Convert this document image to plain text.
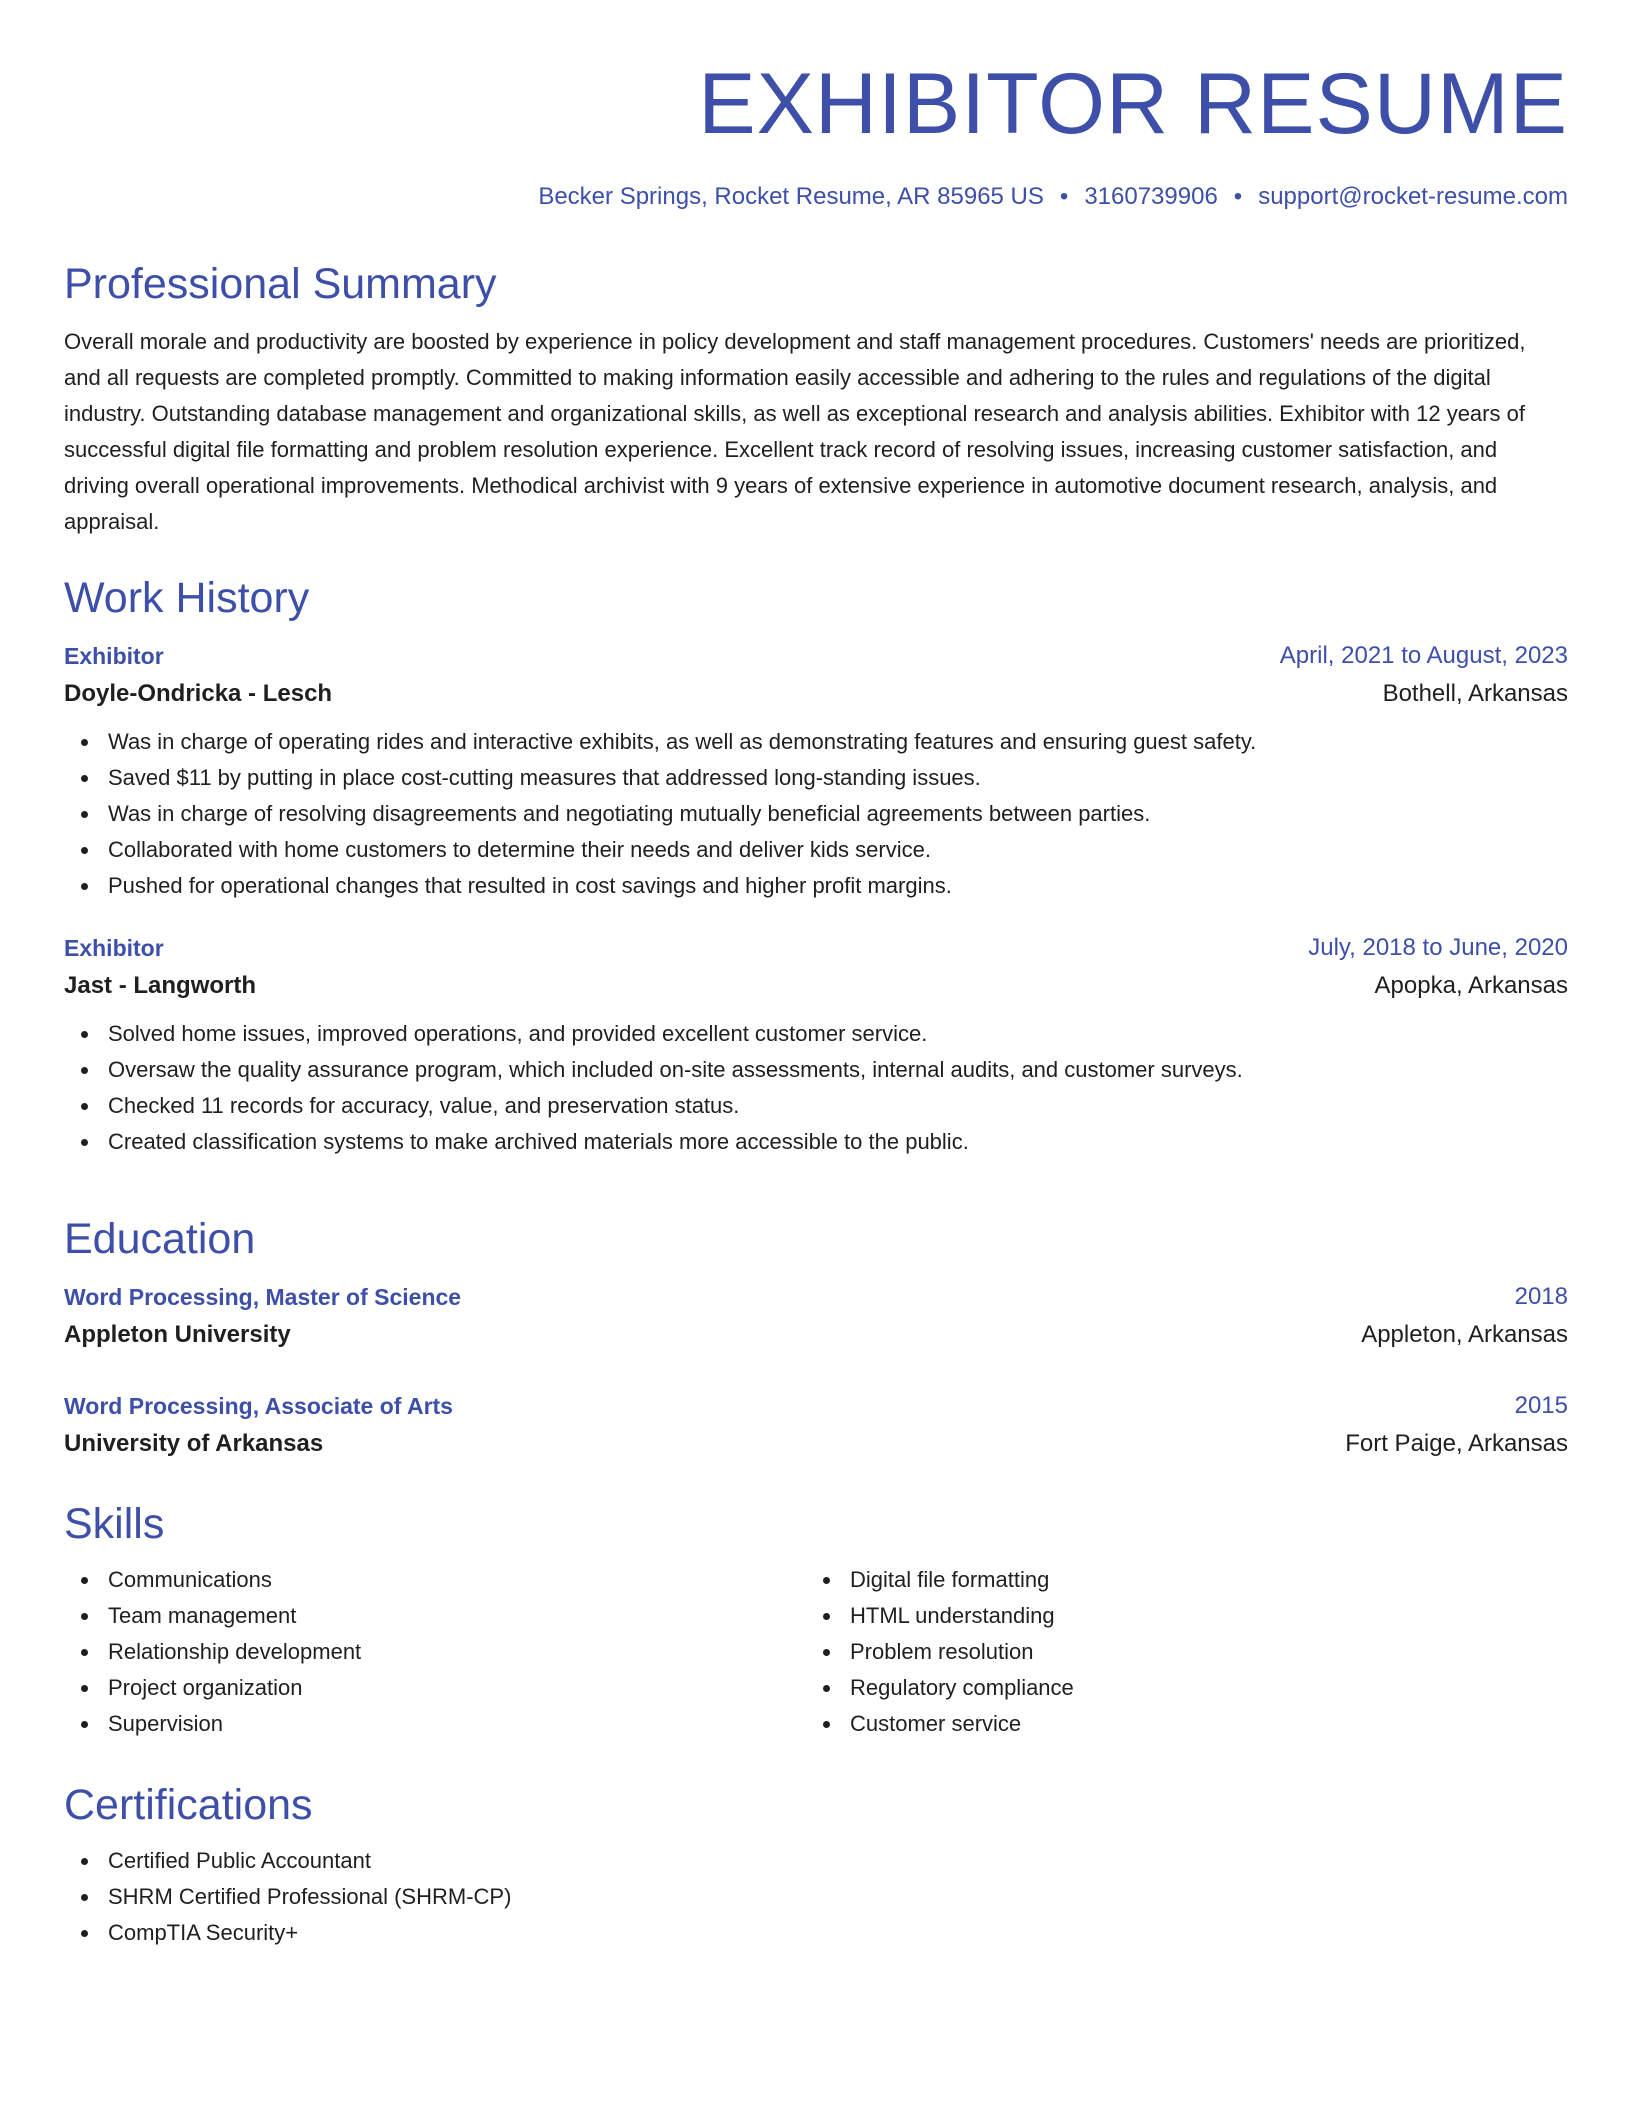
EXHIBITOR RESUME
Becker Springs, Rocket Resume, AR 85965 US • 3160739906 • support@rocket-resume.com
Professional Summary
Overall morale and productivity are boosted by experience in policy development and staff management procedures. Customers' needs are prioritized, and all requests are completed promptly. Committed to making information easily accessible and adhering to the rules and regulations of the digital industry. Outstanding database management and organizational skills, as well as exceptional research and analysis abilities. Exhibitor with 12 years of successful digital file formatting and problem resolution experience. Excellent track record of resolving issues, increasing customer satisfaction, and driving overall operational improvements. Methodical archivist with 9 years of extensive experience in automotive document research, analysis, and appraisal.
Work History
Exhibitor	April, 2021 to August, 2023
Doyle-Ondricka - Lesch	Bothell, Arkansas
Was in charge of operating rides and interactive exhibits, as well as demonstrating features and ensuring guest safety.
Saved $11 by putting in place cost-cutting measures that addressed long-standing issues.
Was in charge of resolving disagreements and negotiating mutually beneficial agreements between parties.
Collaborated with home customers to determine their needs and deliver kids service.
Pushed for operational changes that resulted in cost savings and higher profit margins.
Exhibitor	July, 2018 to June, 2020
Jast - Langworth	Apopka, Arkansas
Solved home issues, improved operations, and provided excellent customer service.
Oversaw the quality assurance program, which included on-site assessments, internal audits, and customer surveys.
Checked 11 records for accuracy, value, and preservation status.
Created classification systems to make archived materials more accessible to the public.
Education
Word Processing, Master of Science	2018
Appleton University	Appleton, Arkansas
Word Processing, Associate of Arts	2015
University of Arkansas	Fort Paige, Arkansas
Skills
Communications
Team management
Relationship development
Project organization
Supervision
Digital file formatting
HTML understanding
Problem resolution
Regulatory compliance
Customer service
Certifications
Certified Public Accountant
SHRM Certified Professional (SHRM-CP)
CompTIA Security+
